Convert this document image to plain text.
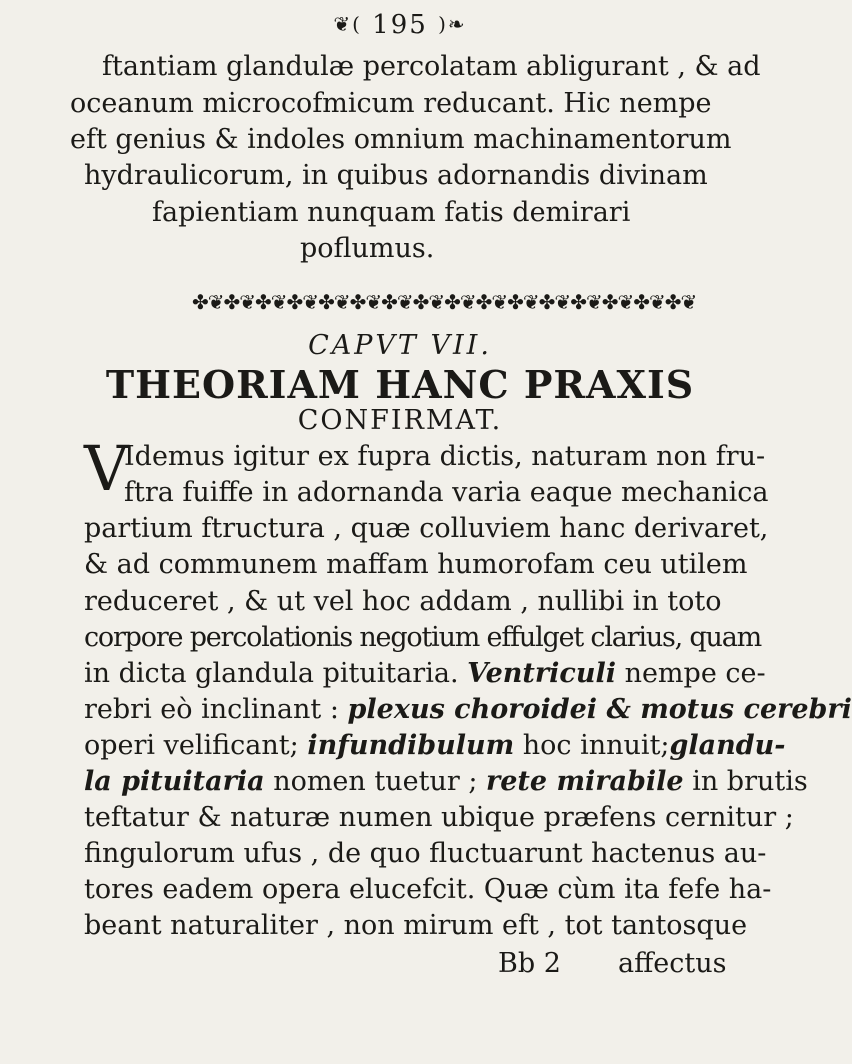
❦( 195 )❧
ftantiam glandulæ percolatam abligurant , & ad
oceanum microcofmicum reducant. Hic nempe
eft genius & indoles omnium machinamentorum
hydraulicorum, in quibus adornandis divinam
fapientiam nunquam fatis demirari
poflumus.
✤❦✤❦✤❦✤❦✤❦✤❦✤❦✤❦✤❦✤❦✤❦✤❦✤❦✤❦✤❦✤❦
CAPVT VII.
THEORIAM HANC PRAXIS
CONFIRMAT.
V
Idemus igitur ex fupra dictis, naturam non fru-
ftra fuiffe in adornanda varia eaque mechanica
partium ftructura , quæ colluviem hanc derivaret,
& ad communem maffam humorofam ceu utilem
reduceret , & ut vel hoc addam , nullibi in toto
corpore percolationis negotium effulget clarius, quam
in dicta glandula pituitaria. Ventriculi nempe ce-
rebri eò inclinant : plexus choroidei & motus cerebri
operi velificant; infundibulum hoc innuit;glandu-
la pituitaria nomen tuetur ; rete mirabile in brutis
teftatur & naturæ numen ubique præfens cernitur ;
fingulorum ufus , de quo fluctuarunt hactenus au-
tores eadem opera elucefcit. Quæ cùm ita fefe ha-
beant naturaliter , non mirum eft , tot tantosque
Bb 2 affectus
